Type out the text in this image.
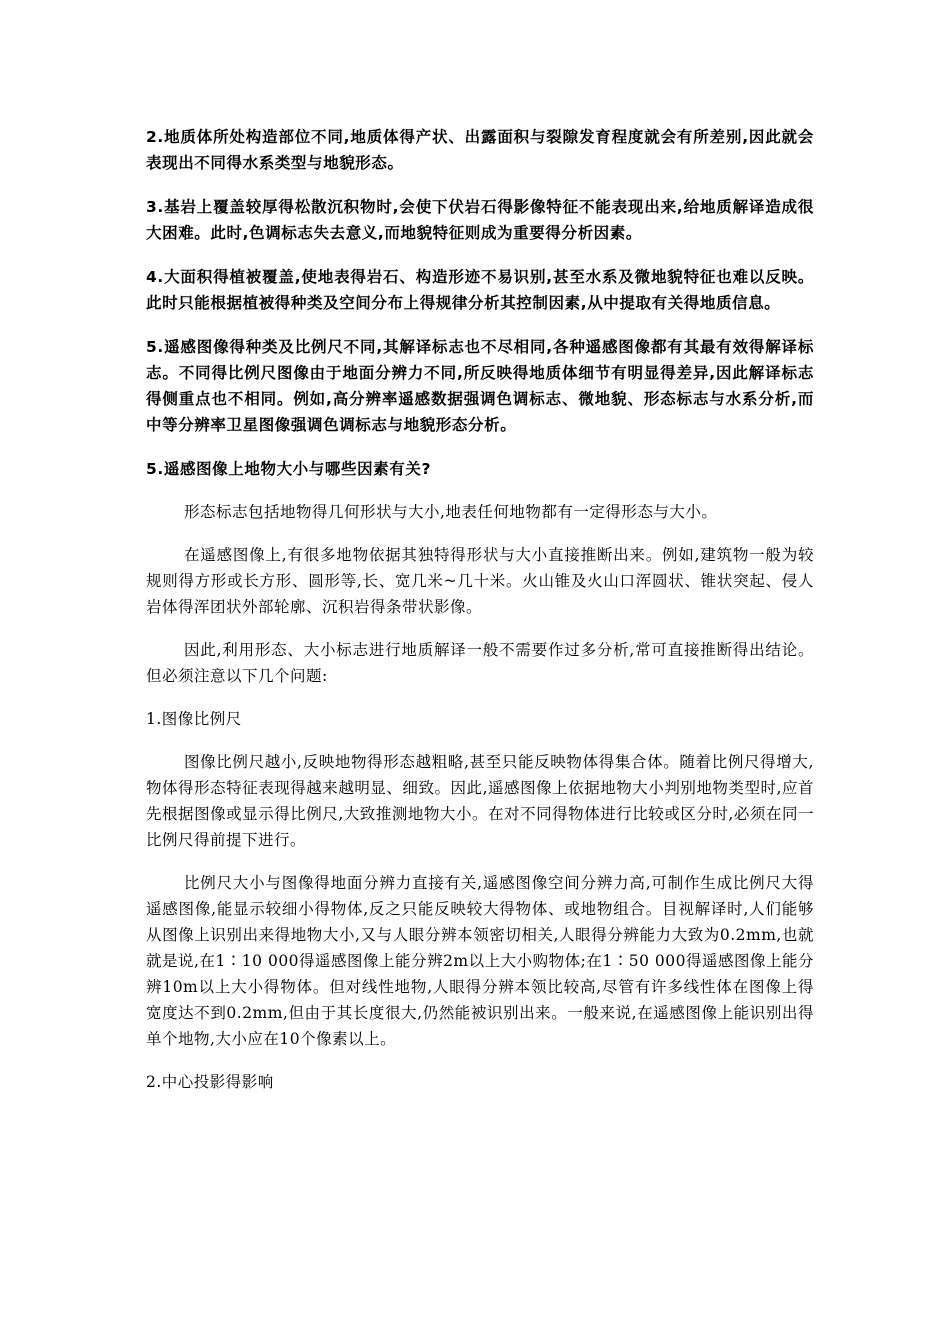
2.地质体所处构造部位不同,地质体得产状、出露面积与裂隙发育程度就会有所差别,因此就会表现出不同得水系类型与地貌形态。

3.基岩上覆盖较厚得松散沉积物时,会使下伏岩石得影像特征不能表现出来,给地质解译造成很大困难。此时,色调标志失去意义,而地貌特征则成为重要得分析因素。

4.大面积得植被覆盖,使地表得岩石、构造形迹不易识别,甚至水系及微地貌特征也难以反映。此时只能根据植被得种类及空间分布上得规律分析其控制因素,从中提取有关得地质信息。

5.遥感图像得种类及比例尺不同,其解译标志也不尽相同,各种遥感图像都有其最有效得解译标志。不同得比例尺图像由于地面分辨力不同,所反映得地质体细节有明显得差异,因此解译标志得侧重点也不相同。例如,高分辨率遥感数据强调色调标志、微地貌、形态标志与水系分析,而中等分辨率卫星图像强调色调标志与地貌形态分析。

5.遥感图像上地物大小与哪些因素有关?

形态标志包括地物得几何形状与大小,地表任何地物都有一定得形态与大小。

在遥感图像上,有很多地物依据其独特得形状与大小直接推断出来。例如,建筑物一般为较规则得方形或长方形、圆形等,长、宽几米~几十米。火山锥及火山口浑圆状、锥状突起、侵人岩体得浑团状外部轮廓、沉积岩得条带状影像。

因此,利用形态、大小标志进行地质解译一般不需要作过多分析,常可直接推断得出结论。但必须注意以下几个问题:

1.图像比例尺

图像比例尺越小,反映地物得形态越粗略,甚至只能反映物体得集合体。随着比例尺得增大,物体得形态特征表现得越来越明显、细致。因此,遥感图像上依据地物大小判别地物类型时,应首先根据图像或显示得比例尺,大致推测地物大小。在对不同得物体进行比较或区分时,必须在同一比例尺得前提下进行。

比例尺大小与图像得地面分辨力直接有关,遥感图像空间分辨力高,可制作生成比例尺大得遥感图像,能显示较细小得物体,反之只能反映较大得物体、或地物组合。目视解译时,人们能够从图像上识别出来得地物大小,又与人眼分辨本领密切相关,人眼得分辨能力大致为0.2mm,也就就是说,在1∶10 000得遥感图像上能分辨2m以上大小购物体;在1∶50 000得遥感图像上能分辨10m以上大小得物体。但对线性地物,人眼得分辨本领比较高,尽管有许多线性体在图像上得宽度达不到0.2mm,但由于其长度很大,仍然能被识别出来。一般来说,在遥感图像上能识别出得单个地物,大小应在10个像素以上。

2.中心投影得影响
